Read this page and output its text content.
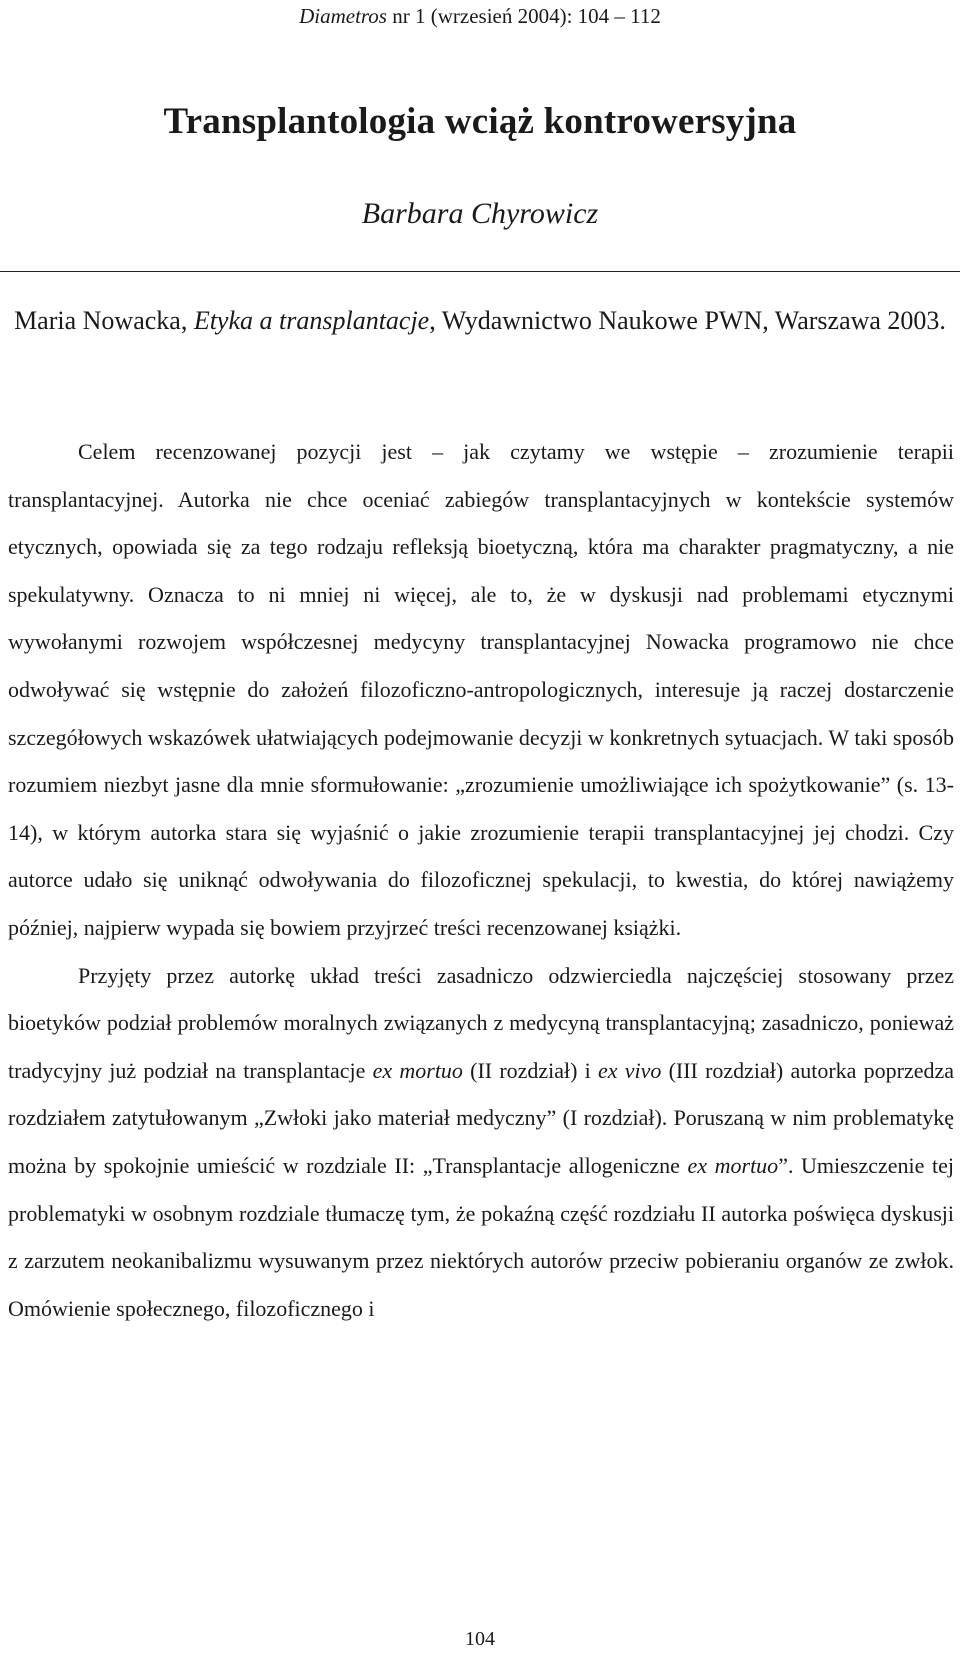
Diametros nr 1 (wrzesień 2004): 104 – 112
Transplantologia wciąż kontrowersyjna
Barbara Chyrowicz
Maria Nowacka, Etyka a transplantacje, Wydawnictwo Naukowe PWN, Warszawa 2003.

Celem recenzowanej pozycji jest – jak czytamy we wstępie – zrozumienie terapii transplantacyjnej. Autorka nie chce oceniać zabiegów transplantacyjnych w kontekście systemów etycznych, opowiada się za tego rodzaju refleksją bioetyczną, która ma charakter pragmatyczny, a nie spekulatywny. Oznacza to ni mniej ni więcej, ale to, że w dyskusji nad problemami etycznymi wywołanymi rozwojem współczesnej medycyny transplantacyjnej Nowacka programowo nie chce odwoływać się wstępnie do założeń filozoficzno-antropologicznych, interesuje ją raczej dostarczenie szczegółowych wskazówek ułatwiających podejmowanie decyzji w konkretnych sytuacjach. W taki sposób rozumiem niezbyt jasne dla mnie sformułowanie: „zrozumienie umożliwiające ich spożytkowanie” (s. 13-14), w którym autorka stara się wyjaśnić o jakie zrozumienie terapii transplantacyjnej jej chodzi. Czy autorce udało się uniknąć odwoływania do filozoficznej spekulacji, to kwestia, do której nawiążemy później, najpierw wypada się bowiem przyjrzeć treści recenzowanej książki.

Przyjęty przez autorkę układ treści zasadniczo odzwierciedla najczęściej stosowany przez bioetyków podział problemów moralnych związanych z medycyną transplantacyjną; zasadniczo, ponieważ tradycyjny już podział na transplantacje ex mortuo (II rozdział) i ex vivo (III rozdział) autorka poprzedza rozdziałem zatytułowanym „Zwłoki jako materiał medyczny” (I rozdział). Poruszaną w nim problematykę można by spokojnie umieścić w rozdziale II: „Transplantacje allogeniczne ex mortuo”. Umieszczenie tej problematyki w osobnym rozdziale tłumaczę tym, że pokaźną część rozdziału II autorka poświęca dyskusji z zarzutem neokanibalizmu wysuwanym przez niektórych autorów przeciw pobieraniu organów ze zwłok. Omówienie społecznego, filozoficznego i

104
